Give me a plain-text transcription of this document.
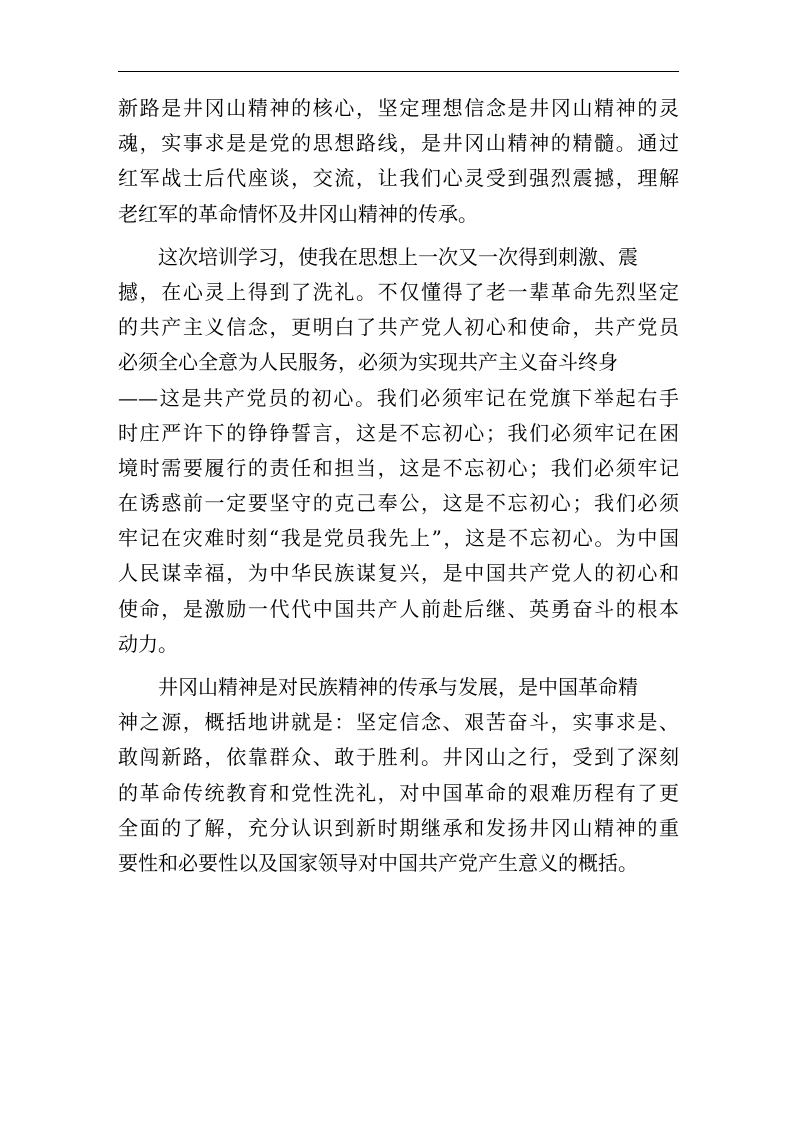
新路是井冈山精神的核心，坚定理想信念是井冈山精神的灵
魂，实事求是是党的思想路线，是井冈山精神的精髓。通过
红军战士后代座谈，交流，让我们心灵受到强烈震撼，理解
老红军的革命情怀及井冈山精神的传承。
　　这次培训学习，使我在思想上一次又一次得到刺激、震
撼，在心灵上得到了洗礼。不仅懂得了老一辈革命先烈坚定
的共产主义信念，更明白了共产党人初心和使命，共产党员
必须全心全意为人民服务，必须为实现共产主义奋斗终身
——这是共产党员的初心。我们必须牢记在党旗下举起右手
时庄严许下的铮铮誓言，这是不忘初心；我们必须牢记在困
境时需要履行的责任和担当，这是不忘初心；我们必须牢记
在诱惑前一定要坚守的克己奉公，这是不忘初心；我们必须
牢记在灾难时刻“我是党员我先上”，这是不忘初心。为中国
人民谋幸福，为中华民族谋复兴，是中国共产党人的初心和
使命，是激励一代代中国共产人前赴后继、英勇奋斗的根本
动力。
　　井冈山精神是对民族精神的传承与发展，是中国革命精
神之源，概括地讲就是：坚定信念、艰苦奋斗，实事求是、
敢闯新路，依靠群众、敢于胜利。井冈山之行，受到了深刻
的革命传统教育和党性洗礼，对中国革命的艰难历程有了更
全面的了解，充分认识到新时期继承和发扬井冈山精神的重
要性和必要性以及国家领导对中国共产党产生意义的概括。
